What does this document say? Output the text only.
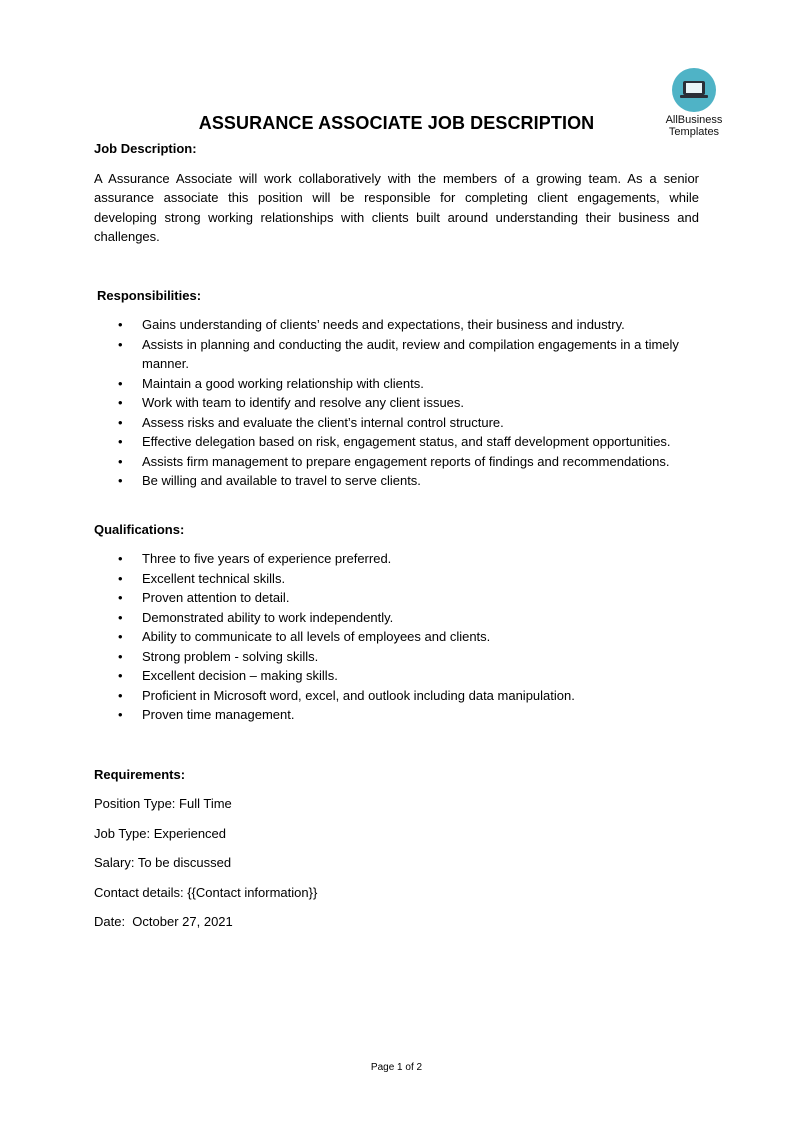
AllBusiness
Templates
ASSURANCE ASSOCIATE JOB DESCRIPTION

Job Description:

A Assurance Associate will work collaboratively with the members of a growing team. As a senior assurance associate this position will be responsible for completing client engagements, while developing strong working relationships with clients built around understanding their business and challenges.

Responsibilities:

• Gains understanding of clients’ needs and expectations, their business and industry.
• Assists in planning and conducting the audit, review and compilation engagements in a timely manner.
• Maintain a good working relationship with clients.
• Work with team to identify and resolve any client issues.
• Assess risks and evaluate the client’s internal control structure.
• Effective delegation based on risk, engagement status, and staff development opportunities.
• Assists firm management to prepare engagement reports of findings and recommendations.
• Be willing and available to travel to serve clients.

Qualifications:

• Three to five years of experience preferred.
• Excellent technical skills.
• Proven attention to detail.
• Demonstrated ability to work independently.
• Ability to communicate to all levels of employees and clients.
• Strong problem - solving skills.
• Excellent decision – making skills.
• Proficient in Microsoft word, excel, and outlook including data manipulation.
• Proven time management.

Requirements:

Position Type: Full Time

Job Type: Experienced

Salary: To be discussed

Contact details: {{Contact information}}

Date:  October 27, 2021

Page 1 of 2
